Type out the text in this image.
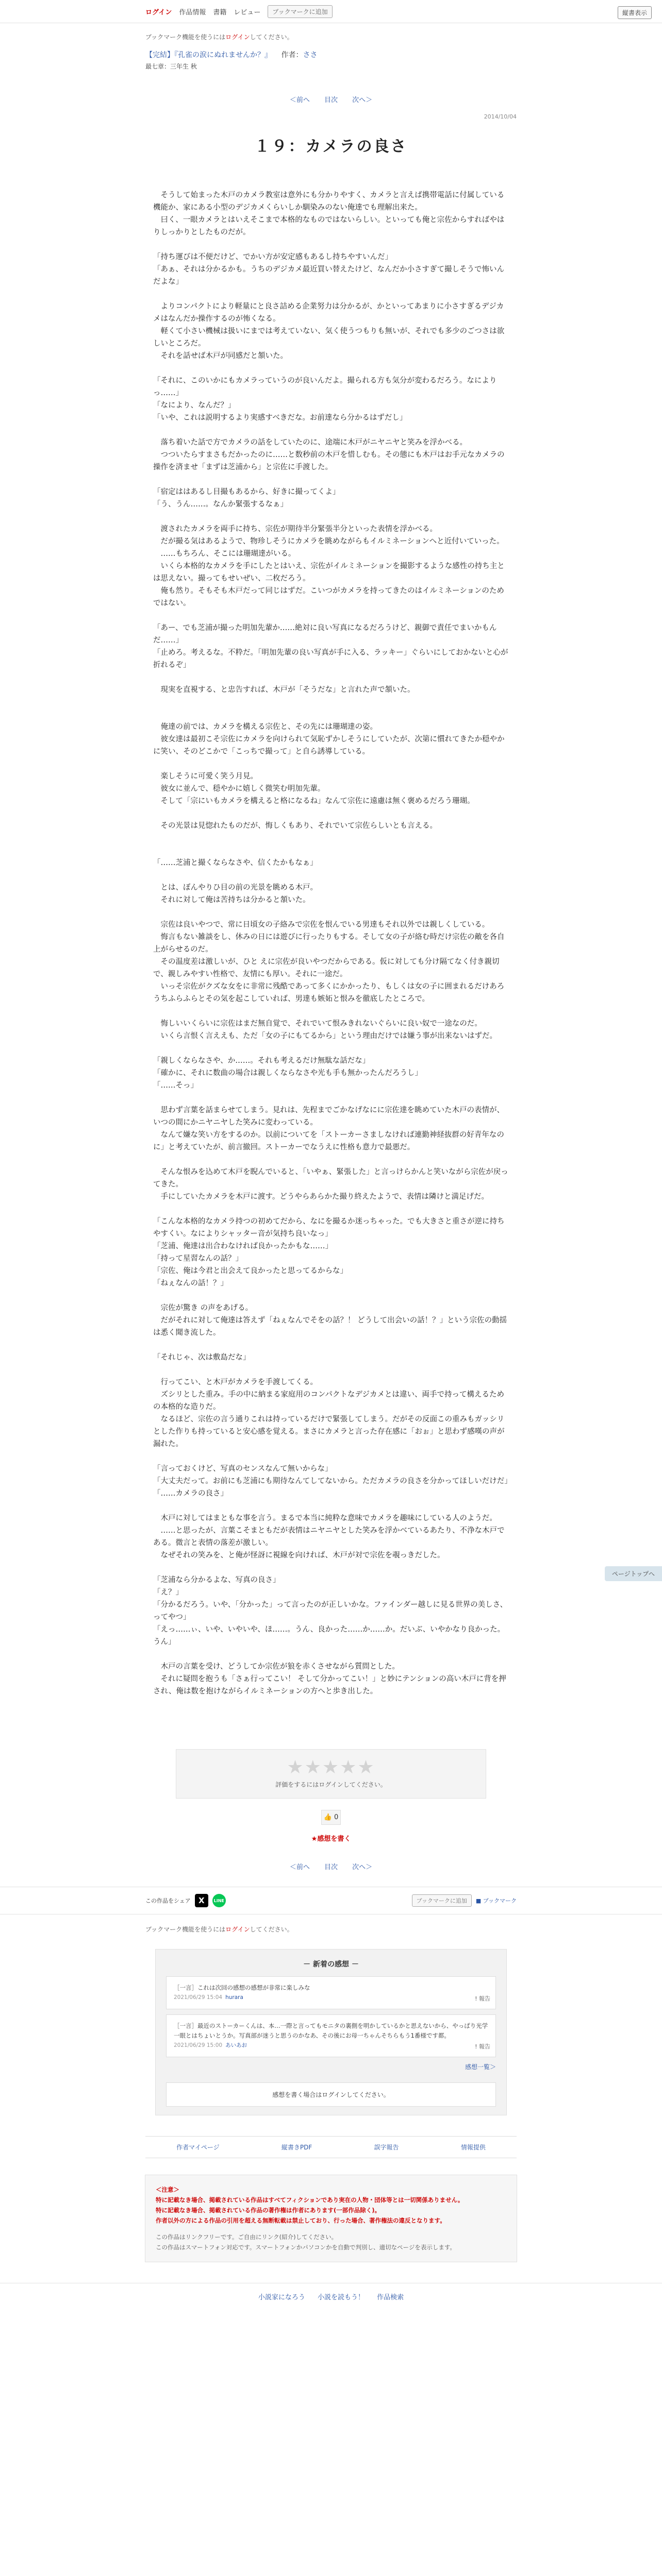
ログイン 作品情報 書籍 レビュー	ブックマークに追加	縦書表示
ブックマーク機能を使うにはログインしてください。
【完結】『孔雀の涙にぬれませんか？』 作者：ささ
最七章：三年生 秋
＜前へ 目次 次へ＞
2014/10/04
１９：カメラの良さ

　そうして始まった木戸のカメラ教室は意外にも分かりやすく、カメラと言えば携帯電話に付属している機能か、家にある小型のデジカメくらいしか馴染みのない俺達でも理解出来た。

　曰く、一眼カメラとはいえそこまで本格的なものではないらしい。といっても俺と宗佐からすればやはりしっかりとしたものだが。

「持ち運びは不便だけど、でかい方が安定感もあるし持ちやすいんだ」

「あぁ、それは分かるかも。うちのデジカメ最近買い替えたけど、なんだか小さすぎて撮しそうで怖いんだよな」

　よりコンパクトにより軽量にと良さ詰める企業努力は分かるが、かといってあまりに小さすぎるデジカメはなんだか操作するのが怖くなる。

　軽くて小さい機械は扱いにまでは考えていない、気く使うつもりも無いが、それでも多少のごつさは欲しいところだ。

　それを話せば木戸が同感だと頷いた。

「それに、このいかにもカメラっていうのが良いんだよ。撮られる方も気分が変わるだろう。なによりっ……」

「なにより、なんだ？」

「いや、これは説明するより実感すべきだな。お前達なら分かるはずだし」

　落ち着いた話で方でカメラの話をしていたのに、途端に木戸がニヤニヤと笑みを浮かべる。

　つついたらすまさもだかったのに……と数秒前の木戸を惜しむも。その態にも木戸はお手元なカメラの操作を済ませ「まずは芝浦から」と宗佐に手渡した。

「宿定ははあるし目撮もあるから、好きに撮ってくよ」

「う、うん……。なんか緊張するなぁ」

　渡されたカメラを両手に持ち、宗佐が期待半分緊張半分といった表情を浮かべる。

　だが撮る気はあるようで、物珍しそうにカメラを眺めながらもイルミネーションへと近付いていった。

　……もちろん、そこには珊瑚達がいる。

　いくら本格的なカメラを手にしたとはいえ、宗佐がイルミネーションを撮影するような感性の持ち主とは思えない。撮ってもせいぜい、二枚だろう。

　俺も然り。そもそも木戸だって同じはずだ。こいつがカメラを持ってきたのはイルミネーションのためではない。

「あー、でも芝浦が撮った明加先輩か……絶対に良い写真になるだろうけど、親御で責任でまいかもんだ……」

「止めろ。考えるな。不粋だ。「明加先輩の良い写真が手に入る、ラッキー」ぐらいにしておかないと心が折れるぞ」

　現実を直視する、と忠告すれば、木戸が「そうだな」と言れた声で頷いた。

　俺達の前では、カメラを構える宗佐と、その先には珊瑚達の姿。

　彼女達は最初こそ宗佐にカメラを向けられて気恥ずかしそうにしていたが、次第に慣れてきたか穏やかに笑い、そのどこかで「こっちで撮って」と自ら誘導している。

　楽しそうに可愛く笑う月見。

　彼女に並んで、穏やかに嬉しく微笑む明加先輩。

　そして「宗にいもカメラを構えると格になるね」なんて宗佐に遠慮は無く褒めるだろう珊瑚。

　その光景は見惚れたものだが、悔しくもあり、それでいて宗佐らしいとも言える。

「……芝浦と撮くならなさや、信くたかもなぁ」

　とは、ぼんやりひ目の前の光景を眺める木戸。

　それに対して俺は苦持ちは分かると頷いた。

　宗佐は良いやつで、常に日頃女の子絡みで宗佐を恨んでいる男達もそれ以外では親しくしている。

　悔言もない雑談をし、休みの日には遊びに行ったりもする。そして女の子が絡む時だけ宗佐の敵を各自上がらせるのだ。

　その温度差は激しいが、ひと えに宗佐が良いやつだからである。仮に対しても分け隔てなく付き親切で、親しみやすい性格で、友情にも厚い。それに一途だ。

　いっそ宗佐がクズな女をに非常に残酷であって多くにかかったり、もしくは女の子に囲まれるだけあろうちふらふらとその気を起こしていれば、男達も嫉妬と恨みを徹底したところで。

　悔しいいくらいに宗佐はまだ無自覚で、それでいて恨みきれないぐらいに良い奴で一途なのだ。

　いくら言恨く言ええも、ただ「女の子にもてるから」という理由だけでは嫌う事が出来ないはずだ。

「親しくならなさや、か……。それも考えるだけ無駄な話だな」

「確かに、それに数曲の場合は親しくならなさや光も手も無かったんだろうし」

「……そっ」

　思わず言葉を話まらせてしまう。見れは、先程までごかなげなにに宗佐達を眺めていた木戸の表情が、いつの間にかニヤニヤした笑みに変わっている。

　なんて嫌な笑い方をするのか。以前についてを「ストーカーさましなければ連勤神経抜群の好青年なのに」と考えていたが、前言撤回。ストーカーでなうえに性格も意力で最悪だ。

　そんな恨みを込めて木戸を睨んでいると、「いやぁ、緊張した」と言っけらかんと笑いながら宗佐が戻ってきた。

　手にしていたカメラを木戸に渡す。どうやらあらかた撮り終えたようで、表情は隣けと満足げだ。

「こんな本格的なカメラ持つの初めてだから、なにを撮るか迷っちゃった。でも大きさと重さが逆に持ちやすくい。なによりシャッター音が気持ち良いなっ」

「芝浦、俺達は出合わなければ良かったかもな……」

「持って星習なんの話？」

「宗佐、俺は今君と出会えて良かったと思ってるからな」

「ねぇなんの話！？」

　宗佐が驚き の声をあげる。

　だがそれに対して俺達は答えず「ねぇなんでそをの話？！ どうして出会いの話！？」という宗佐の動揺は悉く聞き流した。

「それじゃ、次は敷島だな」

　行ってこい、と木戸がカメラを手渡してくる。

　ズシリとした重み。手の中に納まる家庭用のコンパクトなデジカメとは違い、両手で持って構えるための本格的な造りだ。

　なるほど、宗佐の言う通りこれは持っているだけで緊張してしまう。だがその反面この重みもガッシリとした作りも持っていると安心感を覚える。まさにカメラと言った存在感に「おぉ」と思わず感嘆の声が漏れた。

「言っておくけど、写真のセンスなんて無いからな」

「大丈夫だって。お前にも芝浦にも期待なんてしてないから。ただカメラの良さを分かってほしいだけだ」

「……カメラの良さ」

　木戸に対してはまともな事を言う。まるで本当に純粋な意味でカメラを趣味にしている人のようだ。

　……と思ったが、言葉こそまともだが表情はニヤニヤとした笑みを浮かべているあたり、不浄な木戸である。微言と表情の落差が激しい。

　なぜそれの笑みを、と俺が怪訝に視線を向ければ、木戸が対で宗佐を覗っきだした。

「芝浦なら分かるよな、写真の良さ」

「え？」

「分かるだろう。いや、「分かった」って言ったのが正しいかな。ファインダー越しに見る世界の美しさ、ってやつ」

「えっ……ぃ、いや、いやいや、ほ……。うん、良かった……か……か。だいぶ、いやかなり良かった。うん」

　木戸の言葉を受け、どうしてか宗佐が狼を赤くさせながら質問とした。

　それに疑問を抱うも「さぁ行ってこい！ そして分かってこい！」と妙にテンションの高い木戸に背を押され、俺は数を抱けながらイルミネーションの方へと歩き出した。

ページトップへ
★★★★★
評価をするにはログインしてください。
👍 0
★感想を書く
＜前へ 目次 次へ＞
この作品をシェア	X	LINE	ブックマークに追加	■ ブックマーク
ブックマーク機能を使うにはログインしてください。
－ 新着の感想 －
［一言］これは次回の感想の感想が非常に楽しみな
2021/06/29 15:04 hurara	! 報告
［一言］最近のストーカーくんは、本…一際と言ってもモニタの裏側を明かしているかと思えないから、やっぱり光学一眼とはちょいとうか。写真部が迷うと思うのかなあ、その後にお母一ちゃんそちらもう1番様です都。
2021/06/29 15:00 あいあお	! 報告
感想一覧＞
感想を書く場合はログインしてください。
作者マイページ	縦書きPDF	誤字報告	情報提供

＜注意＞

特に記載なき場合、掲載されている作品はすべてフィクションであり実在の人物・団体等とは一切関係ありません。

特に記載なき場合、掲載されている作品の著作権は作者にあります(一部作品除く)。

作者以外の方による作品の引用を超える無断転載は禁止しており、行った場合、著作権法の違反となります。

この作品はリンクフリーです。ご自由にリンク(紹介)してください。

この作品はスマートフォン対応です。スマートフォンかパソコンかを自動で判別し、適切なページを表示します。

小説家になろう 小説を読もう！ 作品検索
